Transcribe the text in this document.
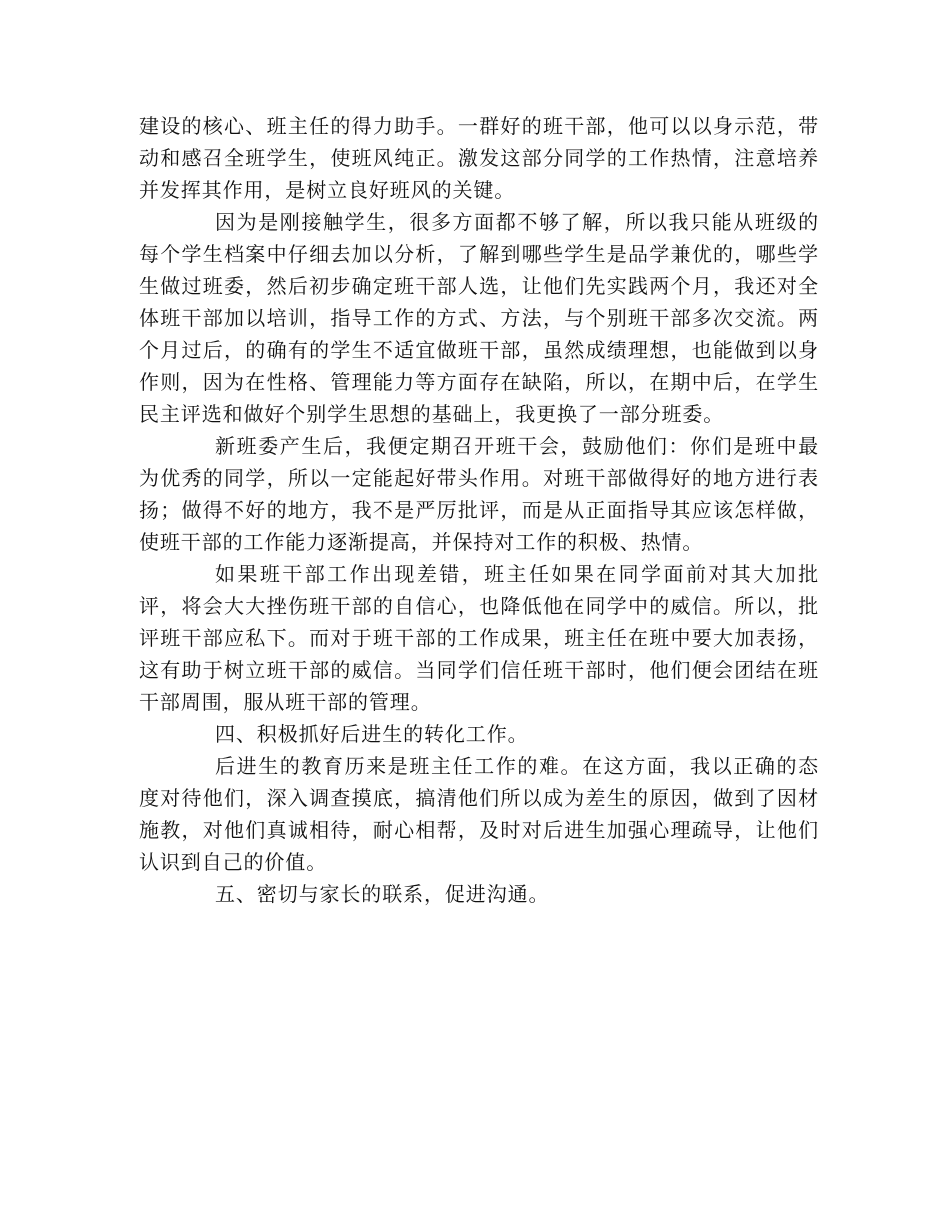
建设的核心、班主任的得力助手。一群好的班干部，他可以以身示范，带动和感召全班学生，使班风纯正。激发这部分同学的工作热情，注意培养并发挥其作用，是树立良好班风的关键。

因为是刚接触学生，很多方面都不够了解，所以我只能从班级的每个学生档案中仔细去加以分析，了解到哪些学生是品学兼优的，哪些学生做过班委，然后初步确定班干部人选，让他们先实践两个月，我还对全体班干部加以培训，指导工作的方式、方法，与个别班干部多次交流。两个月过后，的确有的学生不适宜做班干部，虽然成绩理想，也能做到以身作则，因为在性格、管理能力等方面存在缺陷，所以，在期中后，在学生民主评选和做好个别学生思想的基础上，我更换了一部分班委。

新班委产生后，我便定期召开班干会，鼓励他们：你们是班中最为优秀的同学，所以一定能起好带头作用。对班干部做得好的地方进行表扬；做得不好的地方，我不是严厉批评，而是从正面指导其应该怎样做，使班干部的工作能力逐渐提高，并保持对工作的积极、热情。

如果班干部工作出现差错，班主任如果在同学面前对其大加批评，将会大大挫伤班干部的自信心，也降低他在同学中的威信。所以，批评班干部应私下。而对于班干部的工作成果，班主任在班中要大加表扬，这有助于树立班干部的威信。当同学们信任班干部时，他们便会团结在班干部周围，服从班干部的管理。

四、积极抓好后进生的转化工作。

后进生的教育历来是班主任工作的难。在这方面，我以正确的态度对待他们，深入调查摸底，搞清他们所以成为差生的原因，做到了因材施教，对他们真诚相待，耐心相帮，及时对后进生加强心理疏导，让他们认识到自己的价值。

五、密切与家长的联系，促进沟通。
